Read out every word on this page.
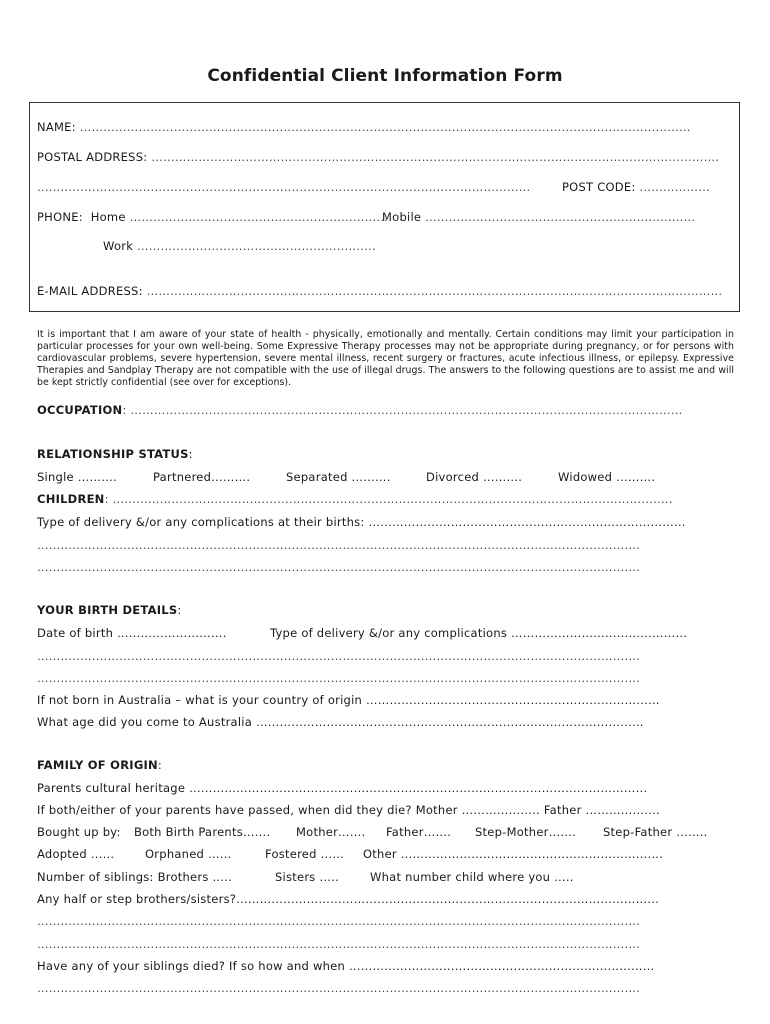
Confidential Client Information Form
NAME: …………………………………………………………………………………………………………………………………………
POSTAL ADDRESS: ……………………………………………………………………………………………………………………………….
………………………………………………………………………………………………………………	POST CODE: ………………
PHONE: Home …………………………………………………………
Mobile ……………………………………………………………
Work …………………………………………………….
E-MAIL ADDRESS: …………………………………………………………………………………………………………………………………
It is important that I am aware of your state of health - physically, emotionally and mentally. Certain conditions may limit your participation in particular processes for your own well-being. Some Expressive Therapy processes may not be appropriate during pregnancy, or for persons with cardiovascular problems, severe hypertension, severe mental illness, recent surgery or fractures, acute infectious illness, or epilepsy. Expressive Therapies and Sandplay Therapy are not compatible with the use of illegal drugs. The answers to the following questions are to assist me and will be kept strictly confidential (see over for exceptions).
OCCUPATION: ……………………………………………………………………………………………………………………………
RELATIONSHIP STATUS:
Single ……….	Partnered……….	Separated ……….	Divorced ……….	Widowed ……….
CHILDREN: ……………………………………………………………………………………………………………………………..
Type of delivery &/or any complications at their births: ………………………………………………………………………
……………………………………………………………………………………………………………………………………….
……………………………………………………………………………………………………………………………………….
YOUR BIRTH DETAILS:
Date of birth ……………………….	Type of delivery &/or any complications ………………………………………
……………………………………………………………………………………………………………………………………….
……………………………………………………………………………………………………………………………………….
If not born in Australia – what is your country of origin …………………………………………………………………
What age did you come to Australia ………………………………………………………………………………………
FAMILY OF ORIGIN:
Parents cultural heritage ………………………………………………………………………………………………………
If both/either of your parents have passed, when did they die? Mother ……………….. Father ……………….
Bought up by: Both Birth Parents……. Mother……. Father……. Step-Mother……. Step-Father ……..
Adopted ……	Orphaned ……	Fostered …… Other ………………………………………………………….
Number of siblings: Brothers …..	Sisters …..	What number child where you …..
Any half or step brothers/sisters?………………………………………………………………………………………………
……………………………………………………………………………………………………………………………………….
……………………………………………………………………………………………………………………………………….
Have any of your siblings died? If so how and when ……………………………………………………………………
……………………………………………………………………………………………………………………………………….
